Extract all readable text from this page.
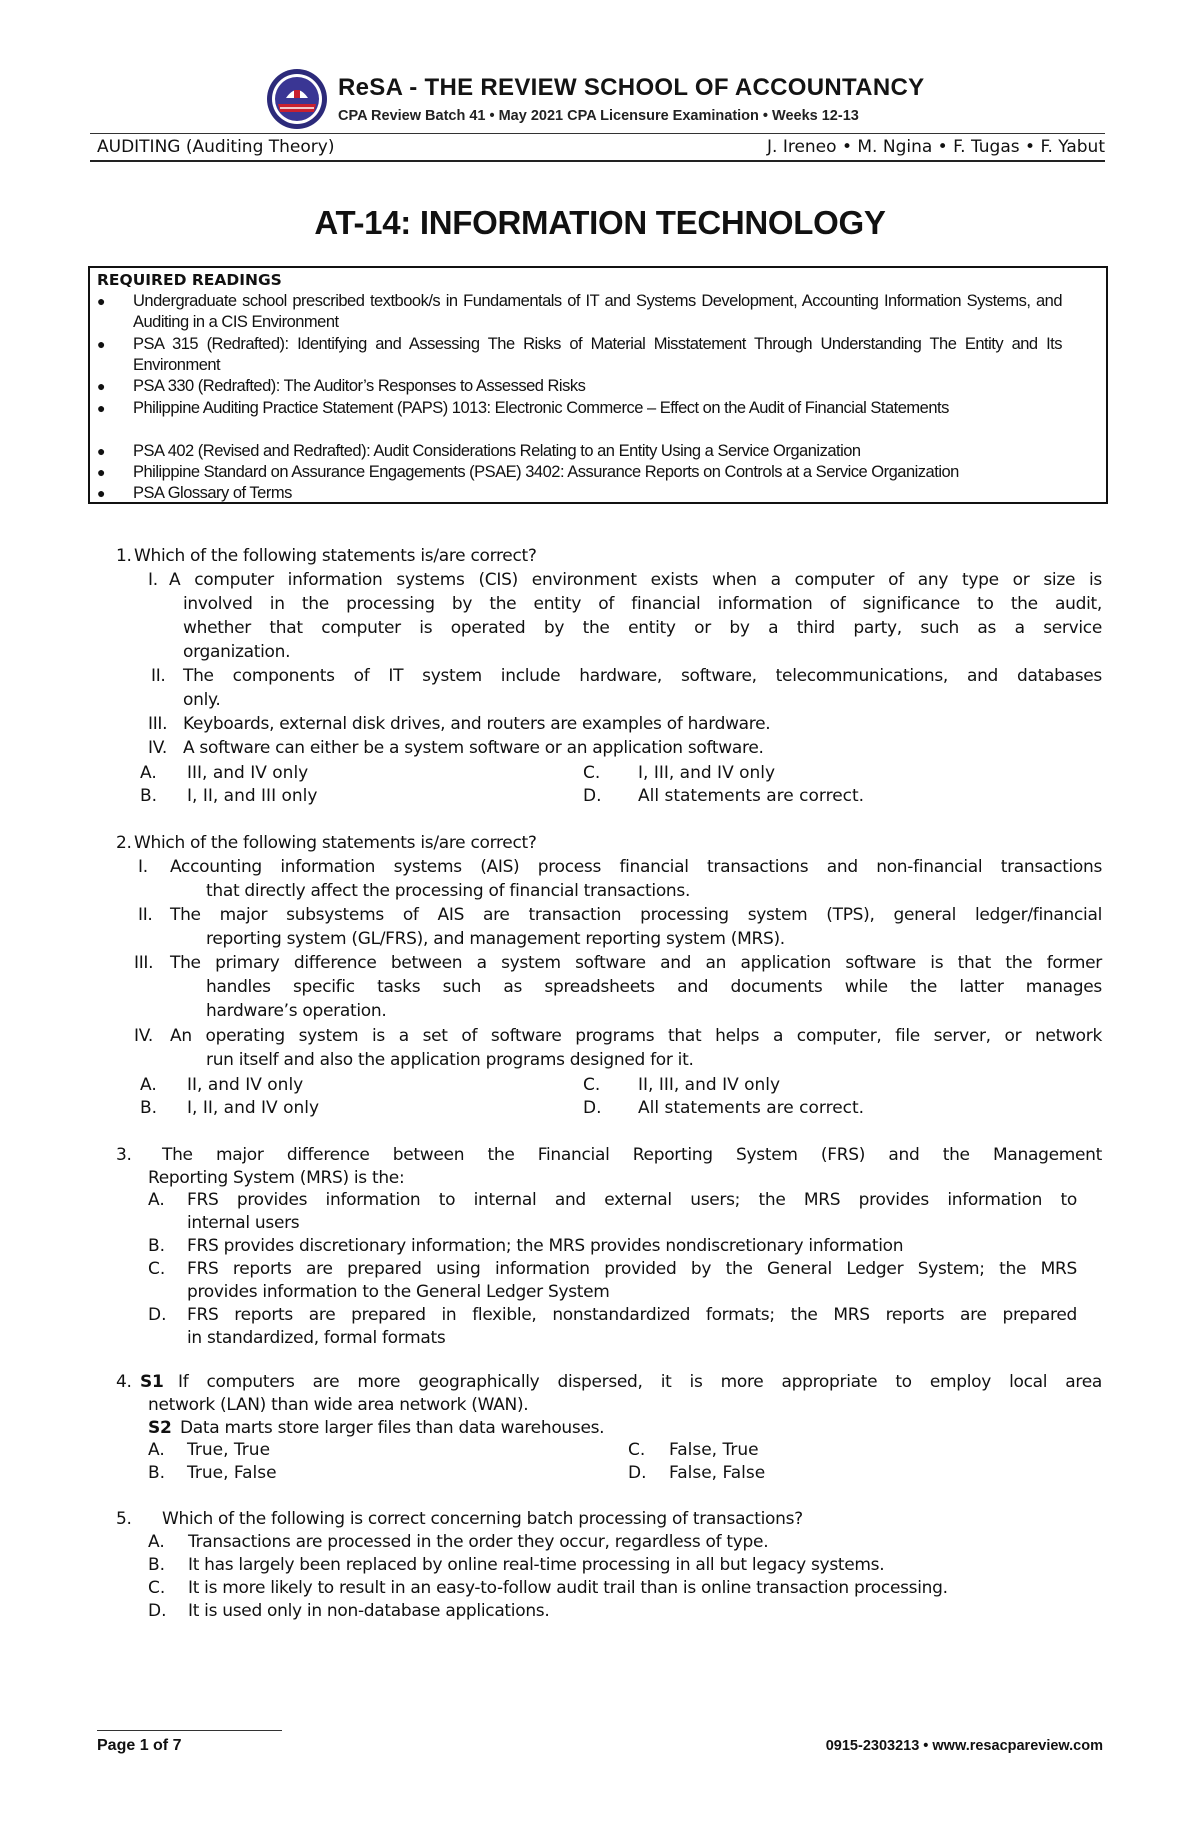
ReSA - THE REVIEW SCHOOL OF ACCOUNTANCY
CPA Review Batch 41 • May 2021 CPA Licensure Examination • Weeks 12-13
AUDITING (Auditing Theory)	J. Ireneo • M. Ngina • F. Tugas • F. Yabut
AT-14: INFORMATION TECHNOLOGY
REQUIRED READINGS
● Undergraduate school prescribed textbook/s in Fundamentals of IT and Systems Development, Accounting Information Systems, and Auditing in a CIS Environment
● PSA 315 (Redrafted): Identifying and Assessing The Risks of Material Misstatement Through Understanding The Entity and Its Environment
● PSA 330 (Redrafted): The Auditor’s Responses to Assessed Risks
● Philippine Auditing Practice Statement (PAPS) 1013: Electronic Commerce – Effect on the Audit of Financial Statements
● PSA 402 (Revised and Redrafted): Audit Considerations Relating to an Entity Using a Service Organization
● Philippine Standard on Assurance Engagements (PSAE) 3402: Assurance Reports on Controls at a Service Organization
● PSA Glossary of Terms
1. Which of the following statements is/are correct?
I. A computer information systems (CIS) environment exists when a computer of any type or size is
involved in the processing by the entity of financial information of significance to the audit,
whether that computer is operated by the entity or by a third party, such as a service
organization.
II. The components of IT system include hardware, software, telecommunications, and databases
only.
III. Keyboards, external disk drives, and routers are examples of hardware.
IV. A software can either be a system software or an application software.
A. III, and IV only	C. I, III, and IV only
B. I, II, and III only	D. All statements are correct.
2. Which of the following statements is/are correct?
I. Accounting information systems (AIS) process financial transactions and non-financial transactions
that directly affect the processing of financial transactions.
II. The major subsystems of AIS are transaction processing system (TPS), general ledger/financial
reporting system (GL/FRS), and management reporting system (MRS).
III. The primary difference between a system software and an application software is that the former
handles specific tasks such as spreadsheets and documents while the latter manages
hardware’s operation.
IV. An operating system is a set of software programs that helps a computer, file server, or network
run itself and also the application programs designed for it.
A. II, and IV only	C. II, III, and IV only
B. I, II, and IV only	D. All statements are correct.
3. The major difference between the Financial Reporting System (FRS) and the Management
Reporting System (MRS) is the:
A. FRS provides information to internal and external users; the MRS provides information to
internal users
B. FRS provides discretionary information; the MRS provides nondiscretionary information
C. FRS reports are prepared using information provided by the General Ledger System; the MRS
provides information to the General Ledger System
D. FRS reports are prepared in flexible, nonstandardized formats; the MRS reports are prepared
in standardized, formal formats
4. S1 If computers are more geographically dispersed, it is more appropriate to employ local area
network (LAN) than wide area network (WAN).
S2 Data marts store larger files than data warehouses.
A. True, True	C. False, True
B. True, False	D. False, False
5. Which of the following is correct concerning batch processing of transactions?
A. Transactions are processed in the order they occur, regardless of type.
B. It has largely been replaced by online real-time processing in all but legacy systems.
C. It is more likely to result in an easy-to-follow audit trail than is online transaction processing.
D. It is used only in non-database applications.
Page 1 of 7	0915-2303213 • www.resacpareview.com
